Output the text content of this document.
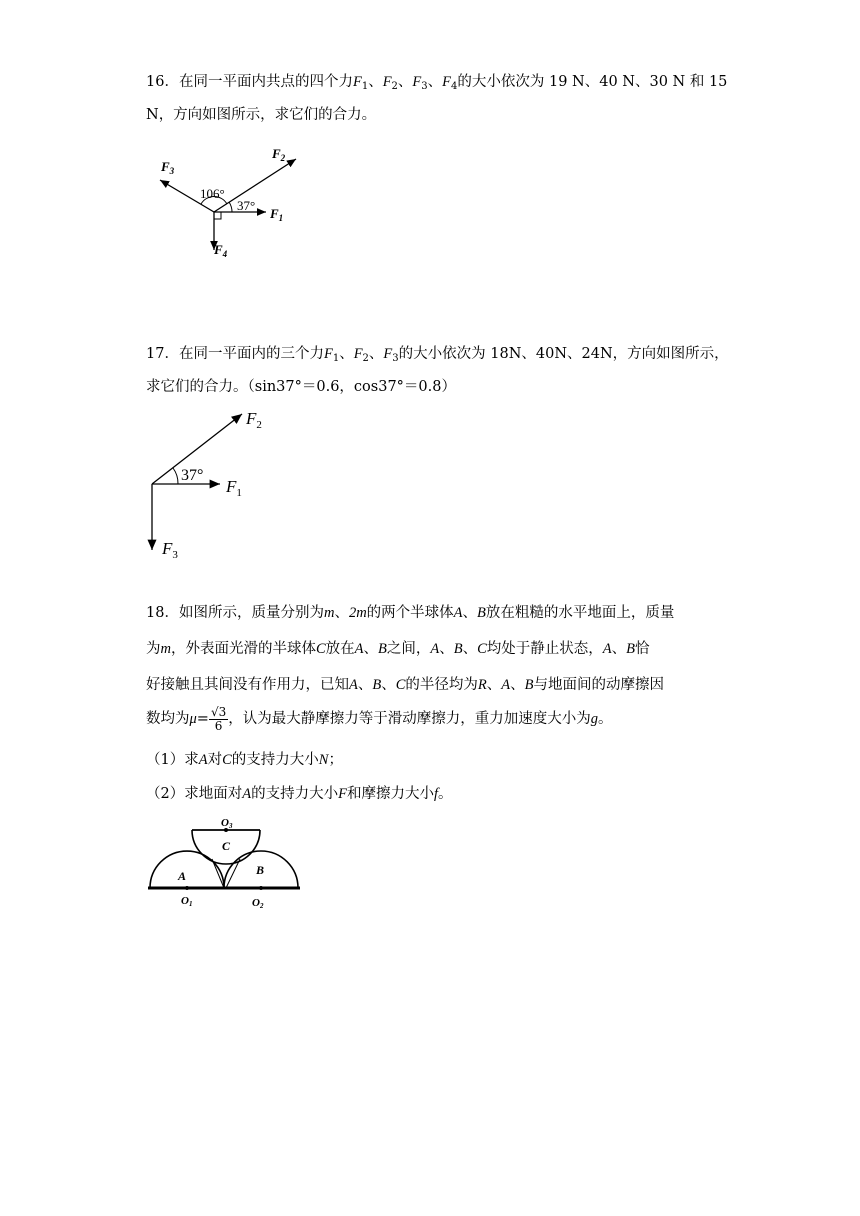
16．在同一平面内共点的四个力$F_1$、$F_2$、$F_3$、$F_4$的大小依次为 19 N、40 N、30 N 和 15
N，方向如图所示，求它们的合力。
106°
37°
$F_1$
$F_2$
$F_3$
$F_4$
17．在同一平面内的三个力$F_1$、$F_2$、$F_3$的大小依次为 18N、40N、24N，方向如图所示，
求它们的合力。（sin37°＝0.6，cos37°＝0.8）
37°
$F_1$
$F_2$
$F_3$
18．如图所示，质量分别为m、2m的两个半球体A、B放在粗糙的水平地面上，质量
为m，外表面光滑的半球体C放在A、B之间，A、B、C均处于静止状态，A、B恰
好接触且其间没有作用力，已知A、B、C的半径均为R、A、B与地面间的动摩擦因
数均为$\mu= \frac{√3}{6}$ ，认为最大静摩擦力等于滑动摩擦力，重力加速度大小为g。
（1）求A对C的支持力大小N；
（2）求地面对A的支持力大小F和摩擦力大小f。
O3
C
A	B
O1	O2
